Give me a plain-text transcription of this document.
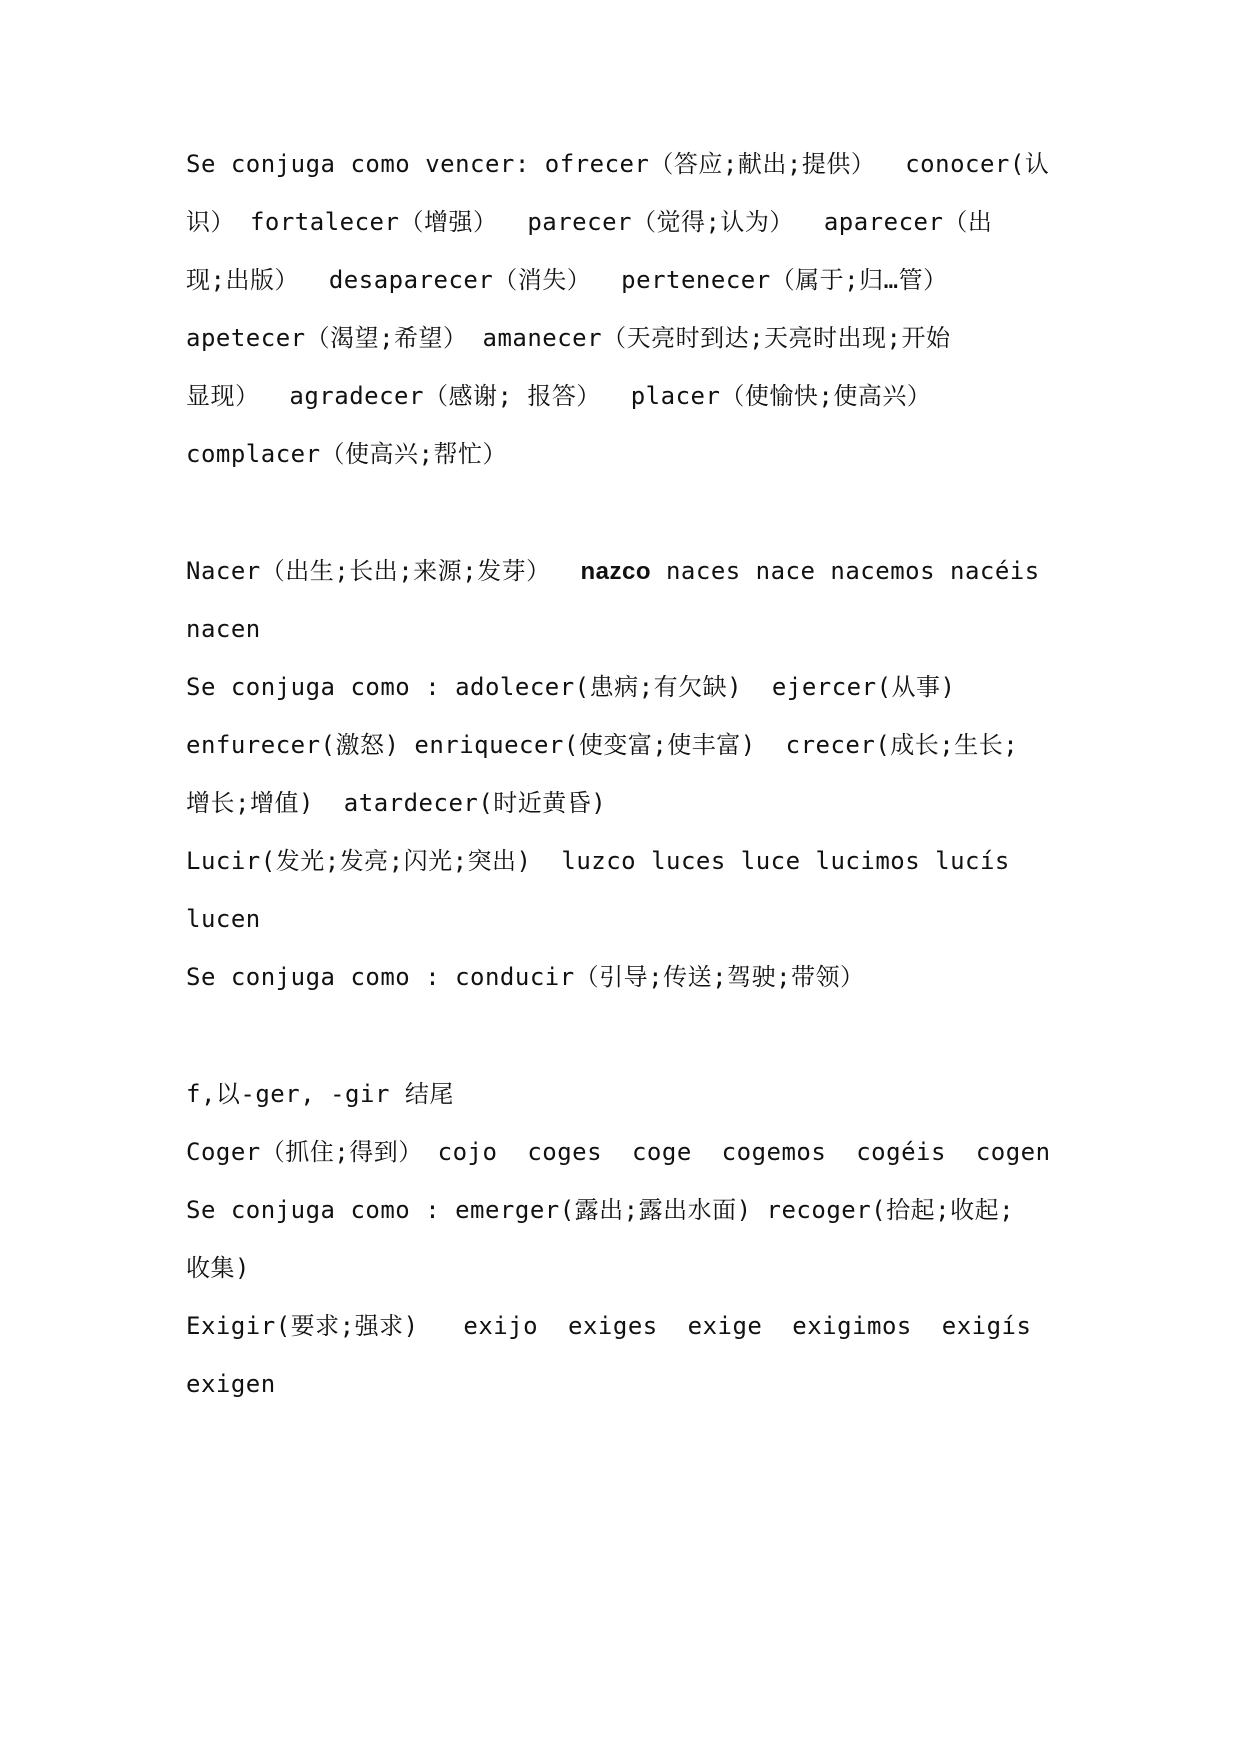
Se conjuga como vencer: ofrecer（答应;献出;提供）  conocer(认
识） fortalecer（增强）  parecer（觉得;认为）  aparecer（出
现;出版）  desaparecer（消失）  pertenecer（属于;归…管）
apetecer（渴望;希望） amanecer（天亮时到达;天亮时出现;开始
显现）  agradecer（感谢; 报答）  placer（使愉快;使高兴）
complacer（使高兴;帮忙）
Nacer（出生;长出;来源;发芽）  nazco naces nace nacemos nacéis
nacen
Se conjuga como : adolecer(患病;有欠缺)  ejercer(从事)
enfurecer(激怒) enriquecer(使变富;使丰富)  crecer(成长;生长;
增长;增值)  atardecer(时近黄昏)
Lucir(发光;发亮;闪光;突出)  luzco luces luce lucimos lucís
lucen
Se conjuga como : conducir（引导;传送;驾驶;带领）
f,以-ger, -gir 结尾
Coger（抓住;得到） cojo  coges  coge  cogemos  cogéis  cogen
Se conjuga como : emerger(露出;露出水面) recoger(拾起;收起;
收集)
Exigir(要求;强求)   exijo  exiges  exige  exigimos  exigís
exigen
